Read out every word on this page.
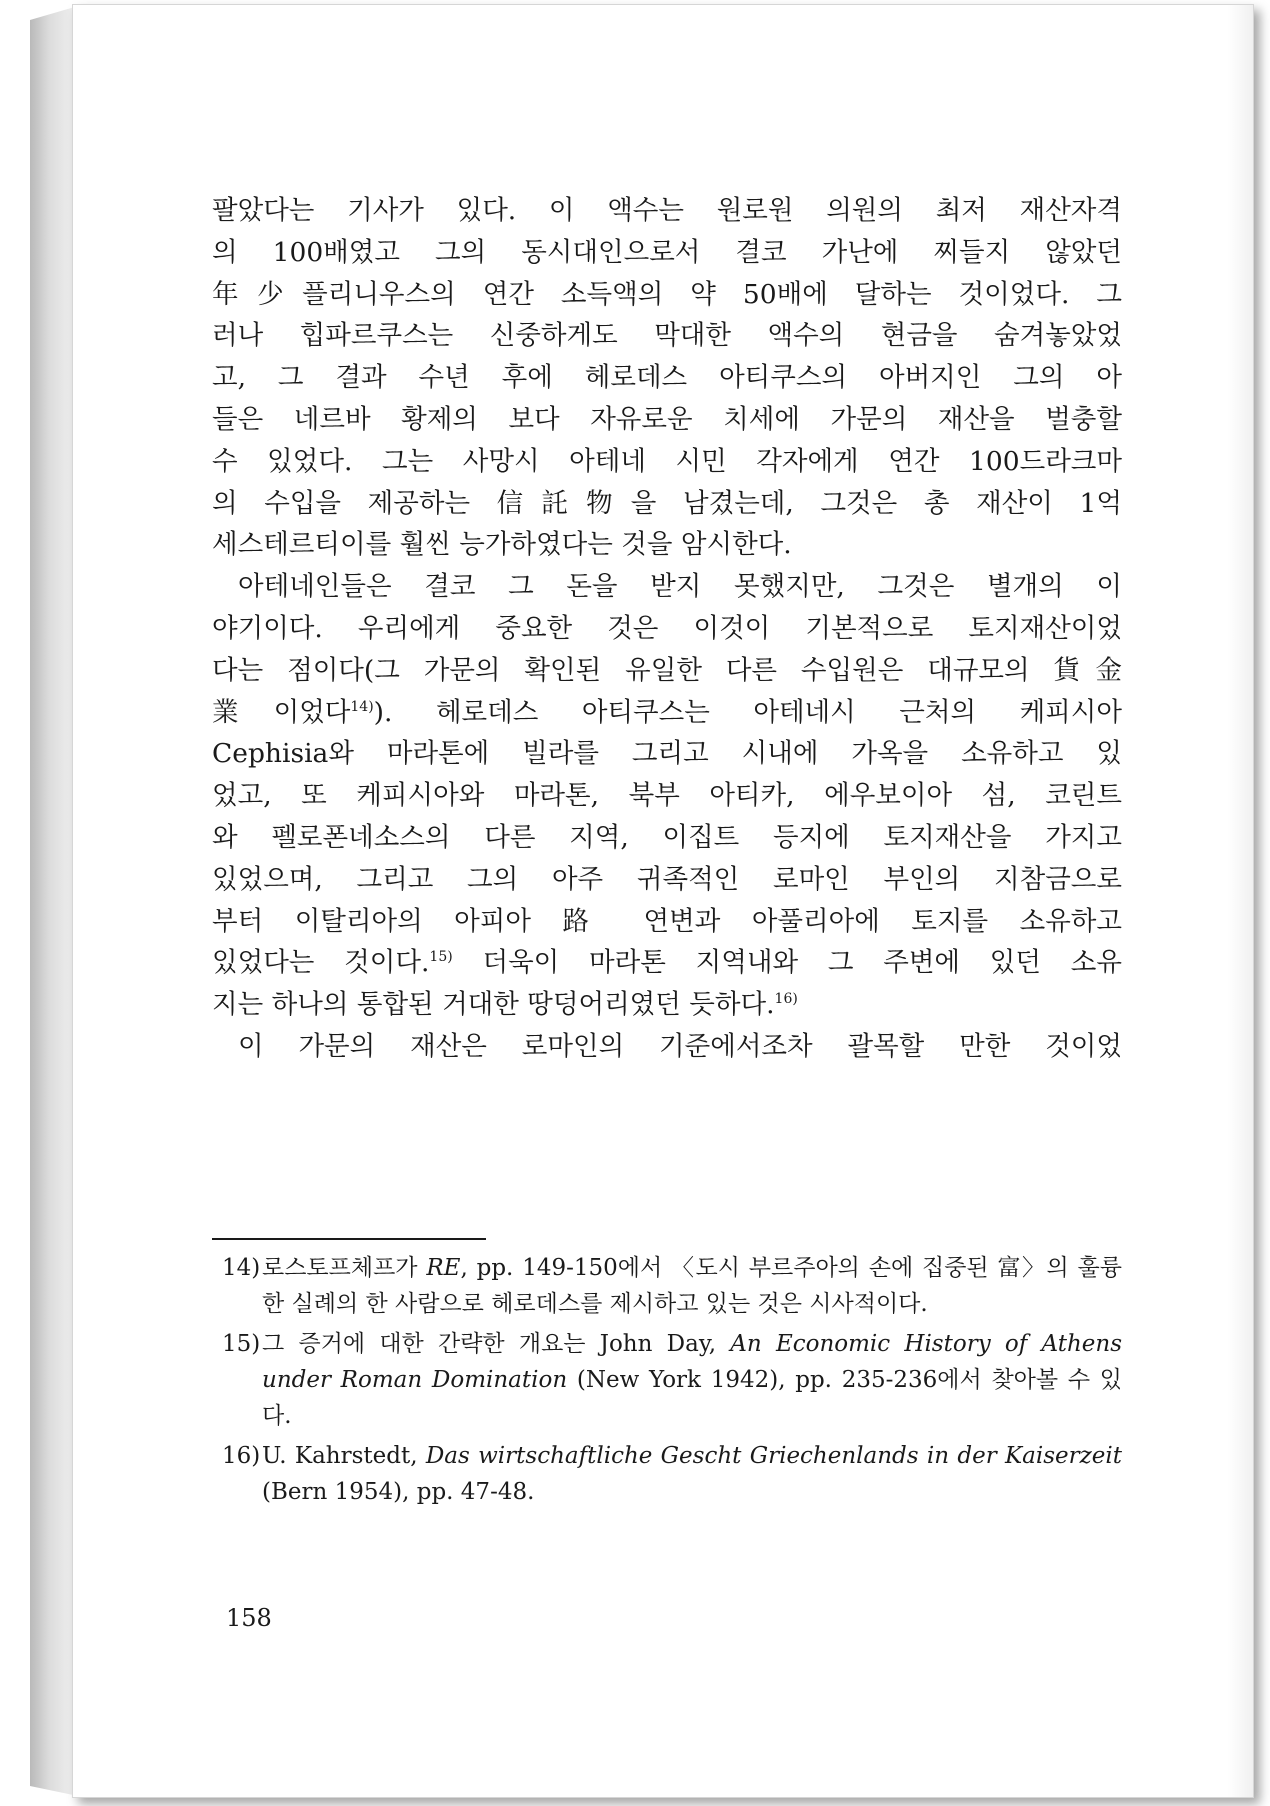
팔았다는 기사가 있다. 이 액수는 원로원 의원의 최저 재산자격

의 100배였고 그의 동시대인으로서 결코 가난에 찌들지 않았던

年少플리니우스의 연간 소득액의 약 50배에 달하는 것이었다. 그

러나 힙파르쿠스는 신중하게도 막대한 액수의 현금을 숨겨놓았었

고, 그 결과 수년 후에 헤로데스 아티쿠스의 아버지인 그의 아

들은 네르바 황제의 보다 자유로운 치세에 가문의 재산을 벌충할

수 있었다. 그는 사망시 아테네 시민 각자에게 연간 100드라크마

의 수입을 제공하는 信託物을 남겼는데, 그것은 총 재산이 1억

세스테르티이를 훨씬 능가하였다는 것을 암시한다.

아테네인들은 결코 그 돈을 받지 못했지만, 그것은 별개의 이

야기이다. 우리에게 중요한 것은 이것이 기본적으로 토지재산이었

다는 점이다(그 가문의 확인된 유일한 다른 수입원은 대규모의 貨金

業이었다$^{14)}$). 헤로데스 아티쿠스는 아테네시 근처의 케피시아

Cephisia와 마라톤에 빌라를 그리고 시내에 가옥을 소유하고 있

었고, 또 케피시아와 마라톤, 북부 아티카, 에우보이아 섬, 코린트

와 펠로폰네소스의 다른 지역, 이집트 등지에 토지재산을 가지고

있었으며, 그리고 그의 아주 귀족적인 로마인 부인의 지참금으로

부터 이탈리아의 아피아 路 연변과 아풀리아에 토지를 소유하고

있었다는 것이다.$^{15)}$ 더욱이 마라톤 지역내와 그 주변에 있던 소유

지는 하나의 통합된 거대한 땅덩어리였던 듯하다.$^{16)}$

이 가문의 재산은 로마인의 기준에서조차 괄목할 만한 것이었

14) 로스토프체프가 RE, pp. 149-150에서 〈도시 부르주아의 손에 집중된 富〉의 훌륭한 실례의 한 사람으로 헤로데스를 제시하고 있는 것은 시사적이다.
15) 그 증거에 대한 간략한 개요는 John Day, An Economic History of Athens under Roman Domination (New York 1942), pp. 235-236에서 찾아볼 수 있다.
16) U. Kahrstedt, Das wirtschaftliche Gescht Griechenlands in der Kaiserzeit (Bern 1954), pp. 47-48.
158
